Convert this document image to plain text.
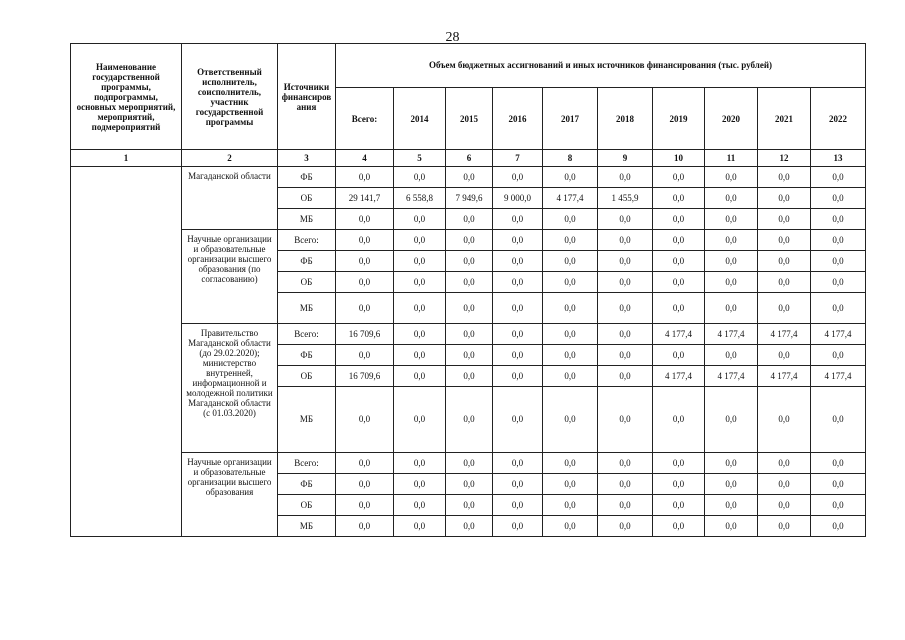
28
Наименование государственной программы, подпрограммы, основных мероприятий, мероприятий, подмероприятий	Ответственный исполнитель, соисполнитель, участник государственной программы	Источники финансиров ания	Объем бюджетных ассигнований и иных источников финансирования (тыс. рублей)									
			Всего:	2014	2015	2016	2017	2018	2019	2020	2021	2022
1	2	3	4	5	6	7	8	9	10	11	12	13
	Магаданской области	ФБ	0,0	0,0	0,0	0,0	0,0	0,0	0,0	0,0	0,0	0,0
		ОБ	29 141,7	6 558,8	7 949,6	9 000,0	4 177,4	1 455,9	0,0	0,0	0,0	0,0
		МБ	0,0	0,0	0,0	0,0	0,0	0,0	0,0	0,0	0,0	0,0
	Научные организации и образовательные организации высшего образования (по согласованию)	Всего:	0,0	0,0	0,0	0,0	0,0	0,0	0,0	0,0	0,0	0,0
		ФБ	0,0	0,0	0,0	0,0	0,0	0,0	0,0	0,0	0,0	0,0
		ОБ	0,0	0,0	0,0	0,0	0,0	0,0	0,0	0,0	0,0	0,0
		МБ	0,0	0,0	0,0	0,0	0,0	0,0	0,0	0,0	0,0	0,0
	Правительство Магаданской области (до 29.02.2020); министерство внутренней, информационной и молодежной политики Магаданской области (с 01.03.2020)	Всего:	16 709,6	0,0	0,0	0,0	0,0	0,0	4 177,4	4 177,4	4 177,4	4 177,4
		ФБ	0,0	0,0	0,0	0,0	0,0	0,0	0,0	0,0	0,0	0,0
		ОБ	16 709,6	0,0	0,0	0,0	0,0	0,0	4 177,4	4 177,4	4 177,4	4 177,4
		МБ	0,0	0,0	0,0	0,0	0,0	0,0	0,0	0,0	0,0	0,0
	Научные организации и образовательные организации высшего образования	Всего:	0,0	0,0	0,0	0,0	0,0	0,0	0,0	0,0	0,0	0,0
		ФБ	0,0	0,0	0,0	0,0	0,0	0,0	0,0	0,0	0,0	0,0
		ОБ	0,0	0,0	0,0	0,0	0,0	0,0	0,0	0,0	0,0	0,0
		МБ	0,0	0,0	0,0	0,0	0,0	0,0	0,0	0,0	0,0	0,0
